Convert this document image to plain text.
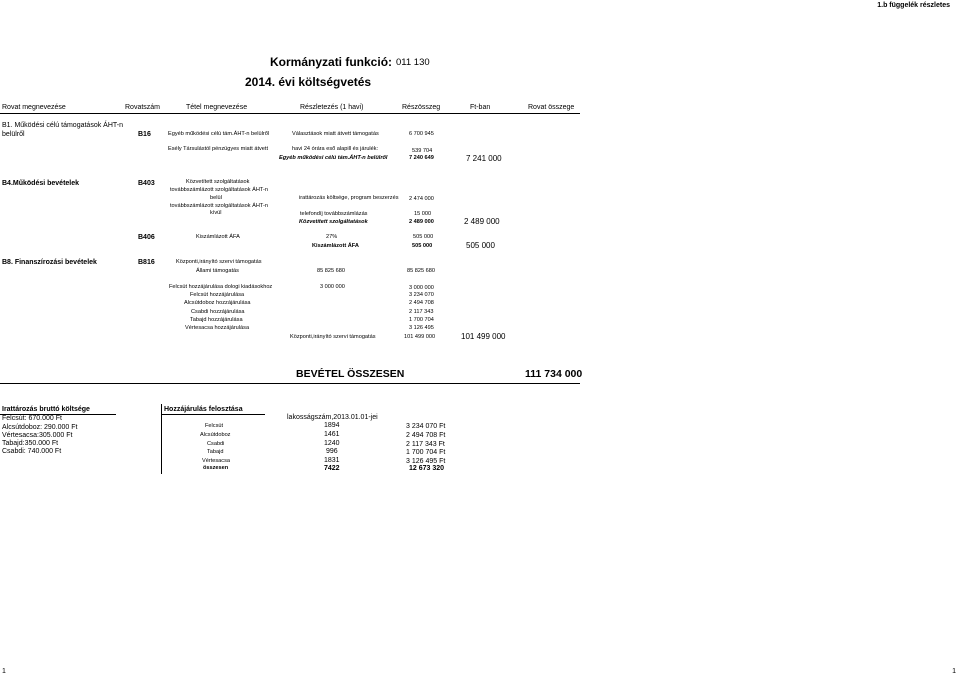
1.b függelék részletes
Kormányzati funkció: 011 130
2014. évi költségvetés
Rovat megnevezése	Rovatszám	Tétel megnevezése	Részletezés (1 havi)	Részösszeg	Ft-ban	Rovat összege
B1. Működési célú támogatások ÁHT-n
belülről	B16	Egyéb működési célú tám.ÁHT-n belülről	Választások miatt átvett támogatás	6 700 945
Esély Társulástól pénzügyes miatt átvett	havi 24 órára eső alapill és járulék:	539 704
Egyéb működési célú tám.ÁHT-n belülről	7 240 649	7 241 000
B4.Működési bevételek	B403	Közvetített szolgáltatások
továbbszámlázott szolgáltatások ÁHT-n
belül
továbbszámlázott szolgáltatások ÁHT-n
kívül
irattározás költsége, program beszerzés 2 474 000
telefondíj továbbszámlázás	15 000
Közvetített szolgáltatások	2 489 000	2 489 000
B406	Kiszámlázott ÁFA	27%	505 000
Kiszámlázott ÁFA	505 000	505 000
B8. Finanszírozási bevételek	B816	Központi,irányító szervi támogatás
Állami támogatás	85 825 680	85 825 680
Felcsút hozzájárulása dologi kiadásokhoz	3 000 000	3 000 000
Felcsút hozzájárulása	3 234 070
Alcsútdoboz hozzájárulása	2 494 708
Csabdi hozzájárulása	2 117 343
Tabajd hozzájárulása	1 700 704
Vértesacsa hozzájárulása	3 126 495
Központi,irányító szervi támogatás	101 499 000	101 499 000
BEVÉTEL ÖSSZESEN	111 734 000
Irattározás bruttó költsége
Felcsút: 670.000 Ft
Alcsútdoboz: 290.000 Ft
Vértesacsa:305.000 Ft
Tabajd:350.000 Ft
Csabdi: 740.000 Ft
Hozzájárulás felosztása
lakosságszám,2013.01.01-jei
Felcsút	1894	3 234 070 Ft
Alcsútdoboz	1461	2 494 708 Ft
Csabdi	1240	2 117 343 Ft
Tabajd	996	1 700 704 Ft
Vértesacsa	1831	3 126 495 Ft
összesen	7422	12 673 320
1	1
